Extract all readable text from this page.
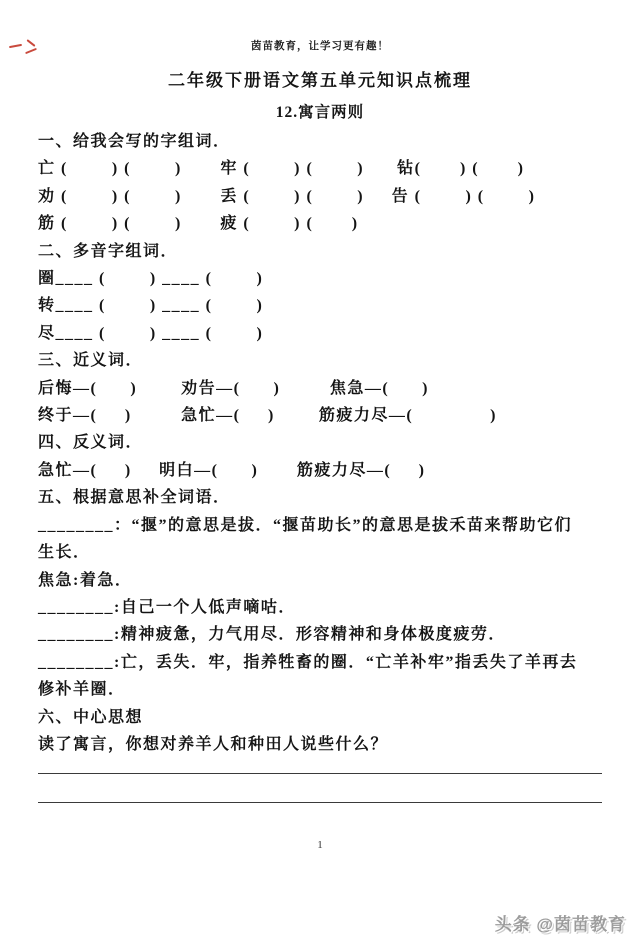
茵苗教育，让学习更有趣！
二年级下册语文第五单元知识点梳理
12.寓言两则
一、给我会写的字组词．
亡 (        ) (        )       牢 (        ) (        )      钻(       ) (       )
劝 (        ) (        )       丢 (        ) (        )     告 (        ) (        )
筋 (        ) (        )       疲 (        ) (       )
二、多音字组词．
圈____ (        ) ____ (        )
转____ (        ) ____ (        )
尽____ (        ) ____ (        )
三、近义词．
后悔—(      )        劝告—(      )         焦急—(      )
终于—(     )         急忙—(     )        筋疲力尽—(              )
四、反义词．
急忙—(     )     明白—(      )       筋疲力尽—(     )
五、根据意思补全词语．
________：“揠”的意思是拔．“揠苗助长”的意思是拔禾苗来帮助它们
生长．
焦急:着急．
________:自己一个人低声嘀咕．
________:精神疲惫，力气用尽．形容精神和身体极度疲劳．
________:亡，丢失．牢，指养牲畜的圈．“亡羊补牢”指丢失了羊再去
修补羊圈．
六、中心思想
读了寓言，你想对养羊人和种田人说些什么？
1
头条 @茵苗教育
